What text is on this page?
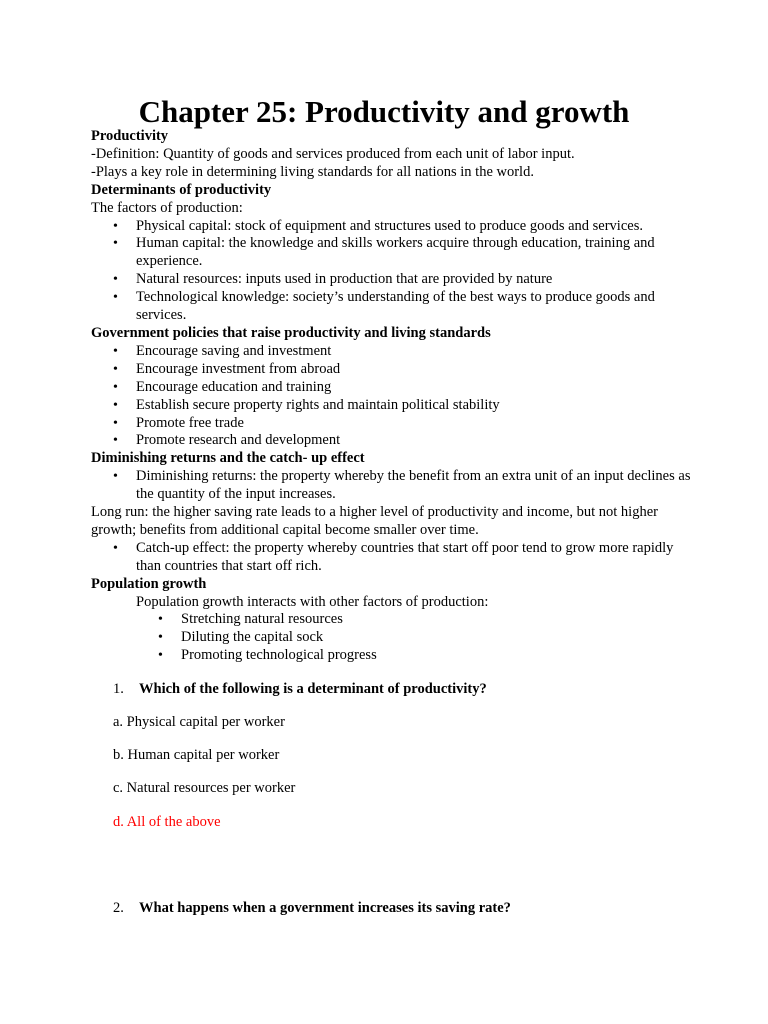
Chapter 25: Productivity and growth

Productivity

-Definition: Quantity of goods and services produced from each unit of labor input.

-Plays a key role in determining living standards for all nations in the world.

Determinants of productivity

The factors of production:

• Physical capital: stock of equipment and structures used to produce goods and services.
• Human capital: the knowledge and skills workers acquire through education, training and experience.
• Natural resources: inputs used in production that are provided by nature
• Technological knowledge: society’s understanding of the best ways to produce goods and services.

Government policies that raise productivity and living standards

• Encourage saving and investment
• Encourage investment from abroad
• Encourage education and training
• Establish secure property rights and maintain political stability
• Promote free trade
• Promote research and development

Diminishing returns and the catch- up effect

• Diminishing returns: the property whereby the benefit from an extra unit of an input declines as the quantity of the input increases.

Long run: the higher saving rate leads to a higher level of productivity and income, but not higher growth; benefits from additional capital become smaller over time.

• Catch-up effect: the property whereby countries that start off poor tend to grow more rapidly than countries that start off rich.

Population growth

Population growth interacts with other factors of production:

• Stretching natural resources
• Diluting the capital sock
• Promoting technological progress
1. Which of the following is a determinant of productivity?
a. Physical capital per worker
b. Human capital per worker
c. Natural resources per worker
d. All of the above
2. What happens when a government increases its saving rate?
